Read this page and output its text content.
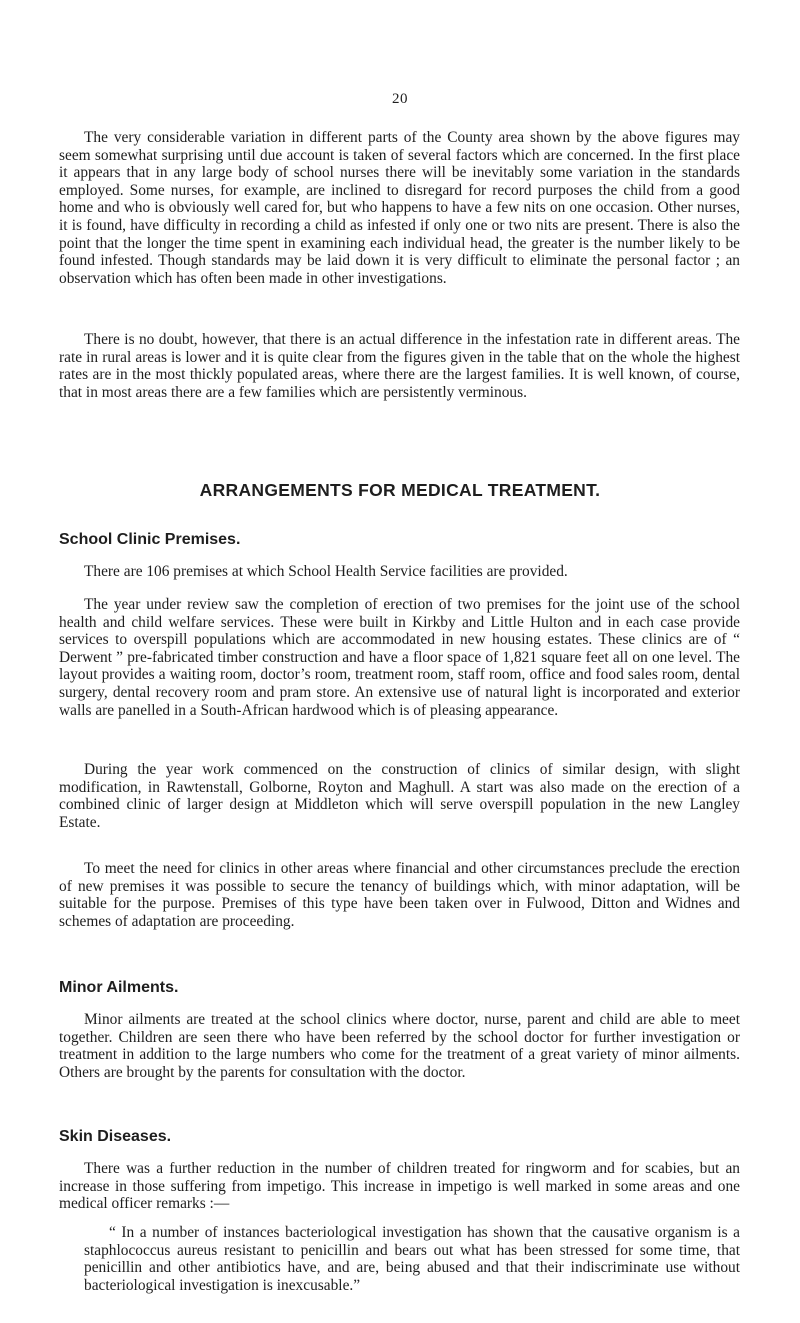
20

The very considerable variation in different parts of the County area shown by the above figures may seem somewhat surprising until due account is taken of several factors which are concerned. In the first place it appears that in any large body of school nurses there will be inevitably some variation in the standards employed. Some nurses, for example, are inclined to disregard for record purposes the child from a good home and who is obviously well cared for, but who happens to have a few nits on one occasion. Other nurses, it is found, have difficulty in recording a child as infested if only one or two nits are present. There is also the point that the longer the time spent in examining each individual head, the greater is the number likely to be found infested. Though standards may be laid down it is very difficult to eliminate the personal factor ; an observation which has often been made in other investigations.

There is no doubt, however, that there is an actual difference in the infestation rate in different areas. The rate in rural areas is lower and it is quite clear from the figures given in the table that on the whole the highest rates are in the most thickly populated areas, where there are the largest families. It is well known, of course, that in most areas there are a few families which are persistently verminous.

ARRANGEMENTS FOR MEDICAL TREATMENT.
School Clinic Premises.

There are 106 premises at which School Health Service facilities are provided.

The year under review saw the completion of erection of two premises for the joint use of the school health and child welfare services. These were built in Kirkby and Little Hulton and in each case provide services to overspill populations which are accommodated in new housing estates. These clinics are of “ Derwent ” pre-fabricated timber construction and have a floor space of 1,821 square feet all on one level. The layout provides a waiting room, doctor’s room, treatment room, staff room, office and food sales room, dental surgery, dental recovery room and pram store. An extensive use of natural light is incorporated and exterior walls are panelled in a South-African hardwood which is of pleasing appearance.

During the year work commenced on the construction of clinics of similar design, with slight modification, in Rawtenstall, Golborne, Royton and Maghull. A start was also made on the erection of a combined clinic of larger design at Middleton which will serve overspill population in the new Langley Estate.

To meet the need for clinics in other areas where financial and other circumstances preclude the erection of new premises it was possible to secure the tenancy of buildings which, with minor adaptation, will be suitable for the purpose. Premises of this type have been taken over in Fulwood, Ditton and Widnes and schemes of adaptation are proceeding.

Minor Ailments.

Minor ailments are treated at the school clinics where doctor, nurse, parent and child are able to meet together. Children are seen there who have been referred by the school doctor for further investigation or treatment in addition to the large numbers who come for the treatment of a great variety of minor ailments. Others are brought by the parents for consultation with the doctor.

Skin Diseases.

There was a further reduction in the number of children treated for ringworm and for scabies, but an increase in those suffering from impetigo. This increase in impetigo is well marked in some areas and one medical officer remarks :—

“ In a number of instances bacteriological investigation has shown that the causative organism is a staphlococcus aureus resistant to penicillin and bears out what has been stressed for some time, that penicillin and other antibiotics have, and are, being abused and that their indiscriminate use without bacteriological investigation is inexcusable.”
